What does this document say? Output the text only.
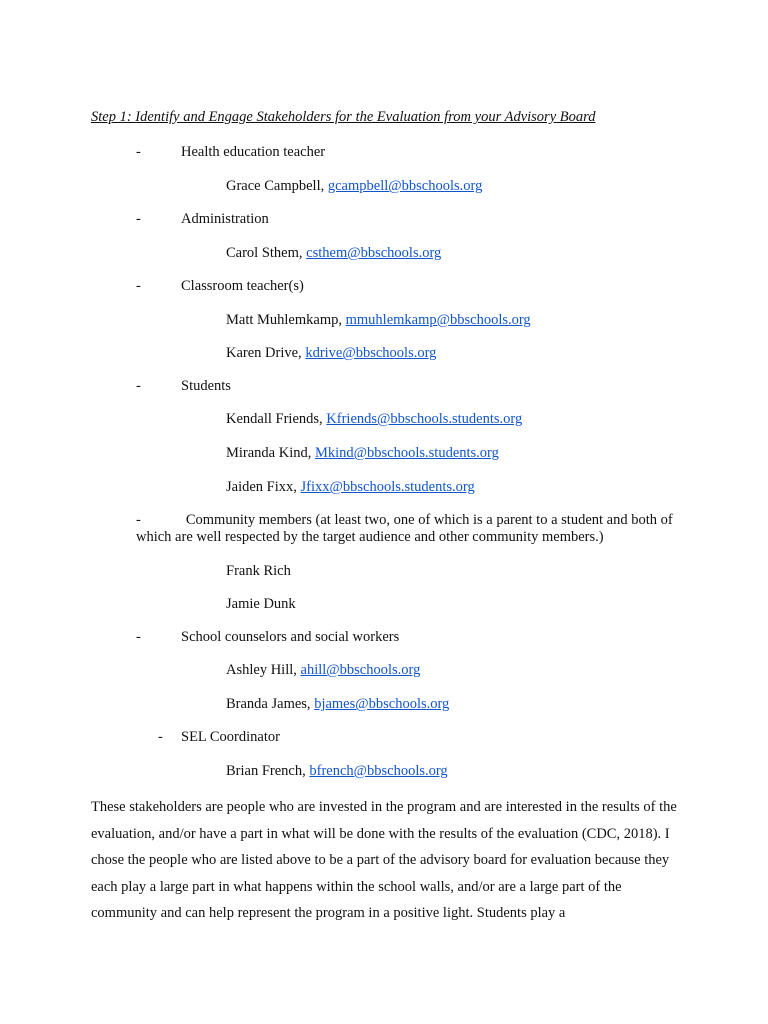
Step 1: Identify and Engage Stakeholders for the Evaluation from your Advisory Board
-	Health education teacher
Grace Campbell, gcampbell@bbschools.org
-	Administration
Carol Sthem, csthem@bbschools.org
-	Classroom teacher(s)
Matt Muhlemkamp, mmuhlemkamp@bbschools.org
Karen Drive, kdrive@bbschools.org
-	Students
Kendall Friends, Kfriends@bbschools.students.org
Miranda Kind, Mkind@bbschools.students.org
Jaiden Fixx, Jfixx@bbschools.students.org
-	Community members (at least two, one of which is a parent to a student and both of which are well respected by the target audience and other community members.)
Frank Rich
Jamie Dunk
-	School counselors and social workers
Ashley Hill, ahill@bbschools.org
Branda James, bjames@bbschools.org
- SEL Coordinator
Brian French, bfrench@bbschools.org
These stakeholders are people who are invested in the program and are interested in the results of the evaluation, and/or have a part in what will be done with the results of the evaluation (CDC, 2018). I chose the people who are listed above to be a part of the advisory board for evaluation because they each play a large part in what happens within the school walls, and/or are a large part of the community and can help represent the program in a positive light. Students play a
